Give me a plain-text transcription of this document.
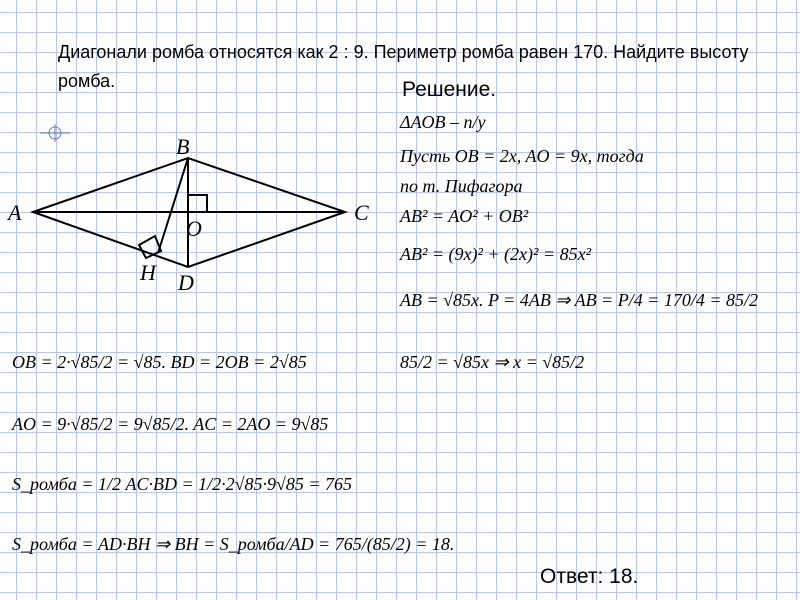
Диагонали ромба относятся как 2 : 9. Периметр ромба равен 170. Найдите высоту ромба.
A
B
C
D
O
H
Решение.
ΔAOB – п/у
Пусть OB = 2x, AO = 9x, тогда
по т. Пифагора
AB² = AO² + OB²
AB² = (9x)² + (2x)² = 85x²
AB = √85x. P = 4AB ⇒ AB = P/4 = 170/4 = 85/2
85/2 = √85x ⇒ x = √85/2
OB = 2·√85/2 = √85. BD = 2OB = 2√85
AO = 9·√85/2 = 9√85/2. AC = 2AO = 9√85
S_ромба = 1/2 AC·BD = 1/2·2√85·9√85 = 765
S_ромба = AD·BH ⇒ BH = S_ромба/AD = 765/(85/2) = 18.
Ответ: 18.
